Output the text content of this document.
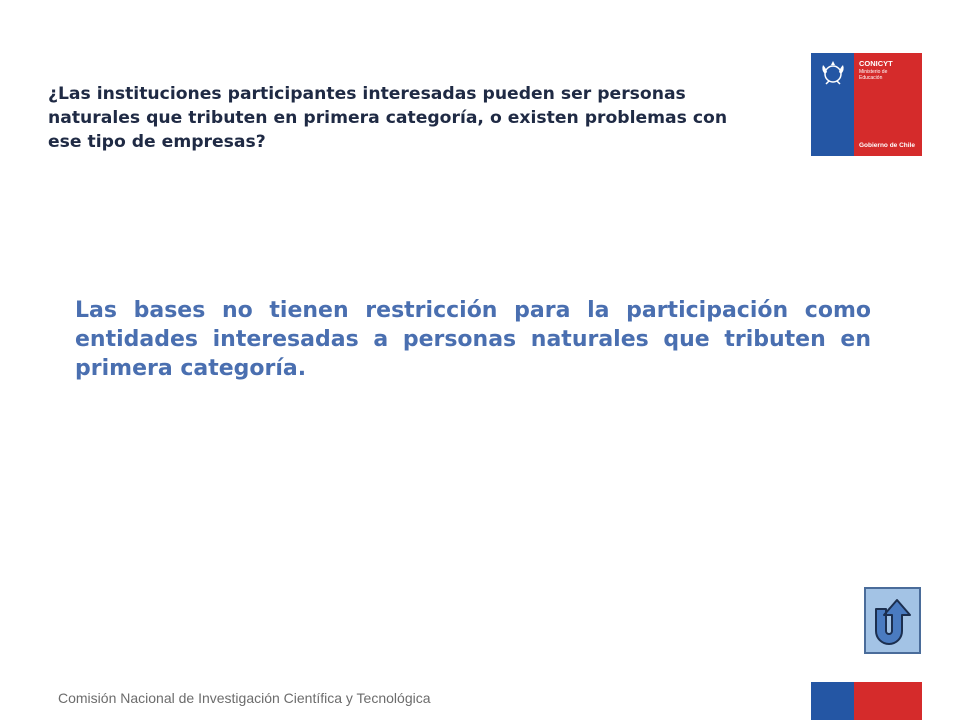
¿Las instituciones participantes interesadas pueden ser personas naturales que tributen en primera categoría, o existen problemas con ese tipo de empresas?
CONICYT
Ministerio de
Educación
Gobierno de Chile

Las bases no tienen restricción para la participación como entidades interesadas a personas naturales que tributen en primera categoría.

Comisión Nacional de Investigación Científica y Tecnológica
